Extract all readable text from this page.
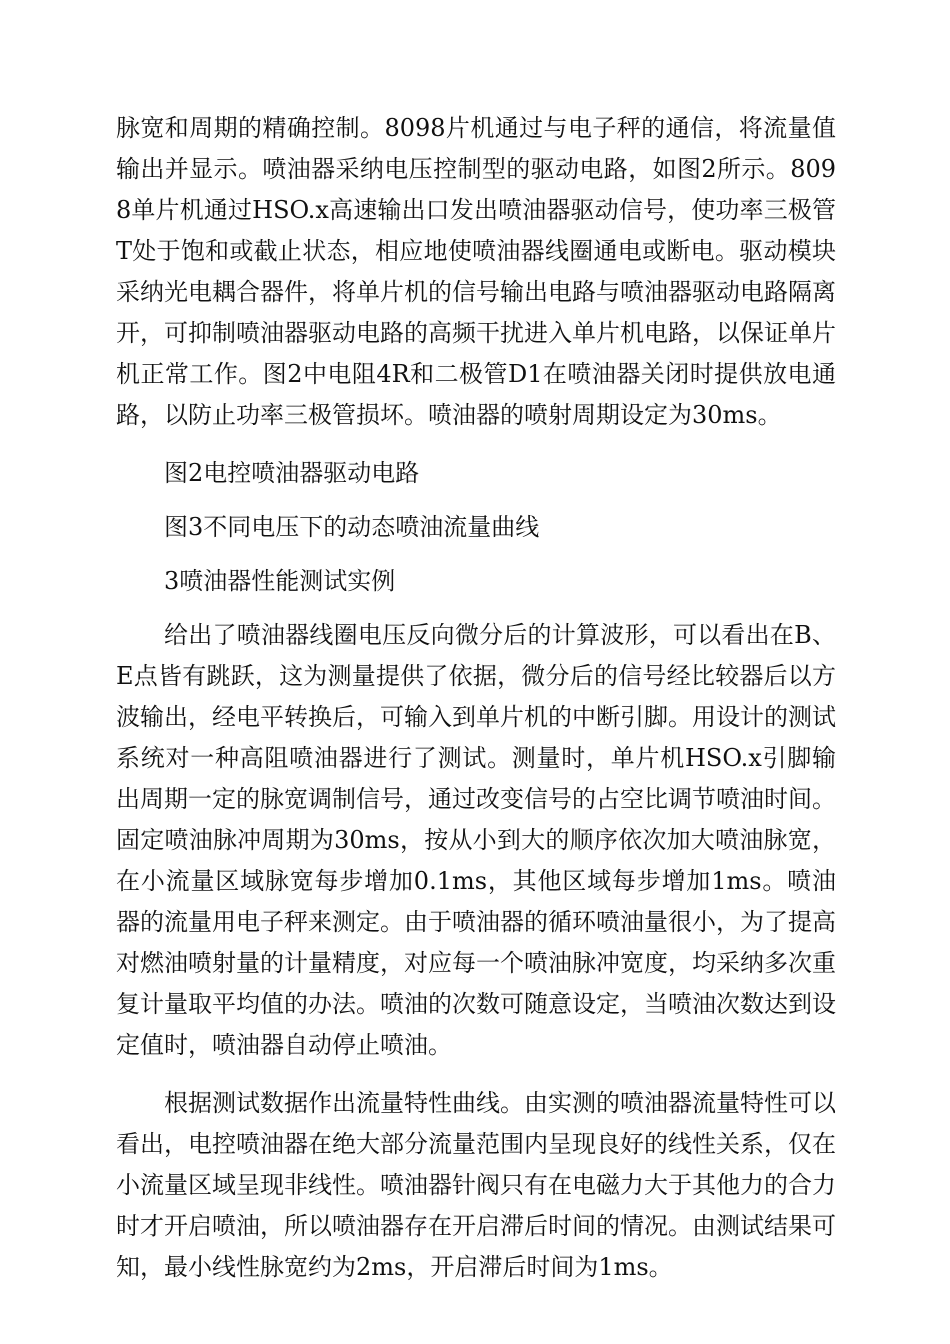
脉宽和周期的精确控制。8098片机通过与电子秤的通信，将流量值输出并显示。喷油器采纳电压控制型的驱动电路，如图2所示。8098单片机通过HSO.x高速输出口发出喷油器驱动信号，使功率三极管T处于饱和或截止状态，相应地使喷油器线圈通电或断电。驱动模块采纳光电耦合器件，将单片机的信号输出电路与喷油器驱动电路隔离开，可抑制喷油器驱动电路的高频干扰进入单片机电路，以保证单片机正常工作。图2中电阻4R和二极管D1在喷油器关闭时提供放电通路，以防止功率三极管损坏。喷油器的喷射周期设定为30ms。

图2电控喷油器驱动电路

图3不同电压下的动态喷油流量曲线

3喷油器性能测试实例

给出了喷油器线圈电压反向微分后的计算波形，可以看出在B、E点皆有跳跃，这为测量提供了依据，微分后的信号经比较器后以方波输出，经电平转换后，可输入到单片机的中断引脚。用设计的测试系统对一种高阻喷油器进行了测试。测量时，单片机HSO.x引脚输出周期一定的脉宽调制信号，通过改变信号的占空比调节喷油时间。固定喷油脉冲周期为30ms，按从小到大的顺序依次加大喷油脉宽，在小流量区域脉宽每步增加0.1ms，其他区域每步增加1ms。喷油器的流量用电子秤来测定。由于喷油器的循环喷油量很小，为了提高对燃油喷射量的计量精度，对应每一个喷油脉冲宽度，均采纳多次重复计量取平均值的办法。喷油的次数可随意设定，当喷油次数达到设定值时，喷油器自动停止喷油。

根据测试数据作出流量特性曲线。由实测的喷油器流量特性可以看出，电控喷油器在绝大部分流量范围内呈现良好的线性关系，仅在小流量区域呈现非线性。喷油器针阀只有在电磁力大于其他力的合力时才开启喷油，所以喷油器存在开启滞后时间的情况。由测试结果可知，最小线性脉宽约为2ms，开启滞后时间为1ms。
